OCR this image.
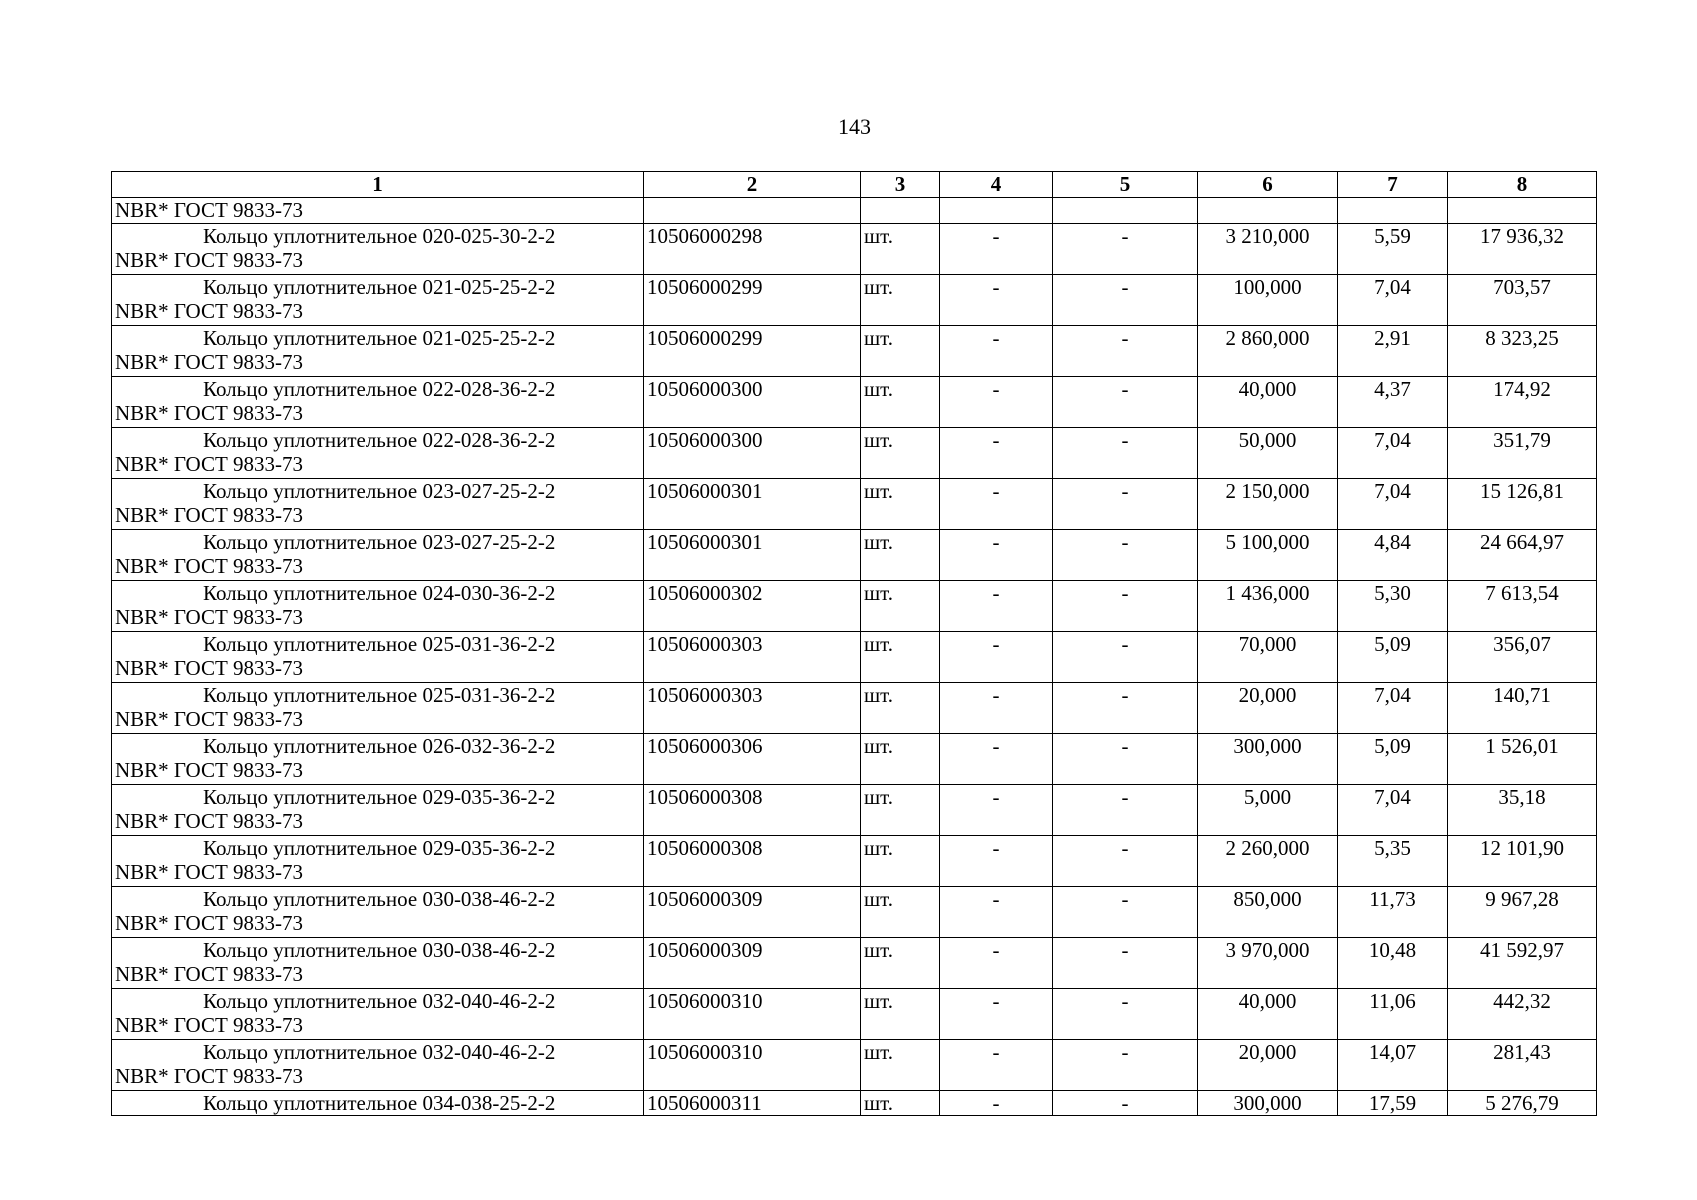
143
1	2	3	4	5	6	7	8
NBR* ГОСТ 9833-73							

Кольцо уплотнительное 020-025-30-2-2
NBR* ГОСТ 9833-73	10506000298	шт.	-	-	3 210,000	5,59	17 936,32

Кольцо уплотнительное 021-025-25-2-2
NBR* ГОСТ 9833-73	10506000299	шт.	-	-	100,000	7,04	703,57

Кольцо уплотнительное 021-025-25-2-2
NBR* ГОСТ 9833-73	10506000299	шт.	-	-	2 860,000	2,91	8 323,25

Кольцо уплотнительное 022-028-36-2-2
NBR* ГОСТ 9833-73	10506000300	шт.	-	-	40,000	4,37	174,92

Кольцо уплотнительное 022-028-36-2-2
NBR* ГОСТ 9833-73	10506000300	шт.	-	-	50,000	7,04	351,79

Кольцо уплотнительное 023-027-25-2-2
NBR* ГОСТ 9833-73	10506000301	шт.	-	-	2 150,000	7,04	15 126,81

Кольцо уплотнительное 023-027-25-2-2
NBR* ГОСТ 9833-73	10506000301	шт.	-	-	5 100,000	4,84	24 664,97

Кольцо уплотнительное 024-030-36-2-2
NBR* ГОСТ 9833-73	10506000302	шт.	-	-	1 436,000	5,30	7 613,54

Кольцо уплотнительное 025-031-36-2-2
NBR* ГОСТ 9833-73	10506000303	шт.	-	-	70,000	5,09	356,07

Кольцо уплотнительное 025-031-36-2-2
NBR* ГОСТ 9833-73	10506000303	шт.	-	-	20,000	7,04	140,71

Кольцо уплотнительное 026-032-36-2-2
NBR* ГОСТ 9833-73	10506000306	шт.	-	-	300,000	5,09	1 526,01

Кольцо уплотнительное 029-035-36-2-2
NBR* ГОСТ 9833-73	10506000308	шт.	-	-	5,000	7,04	35,18

Кольцо уплотнительное 029-035-36-2-2
NBR* ГОСТ 9833-73	10506000308	шт.	-	-	2 260,000	5,35	12 101,90

Кольцо уплотнительное 030-038-46-2-2
NBR* ГОСТ 9833-73	10506000309	шт.	-	-	850,000	11,73	9 967,28

Кольцо уплотнительное 030-038-46-2-2
NBR* ГОСТ 9833-73	10506000309	шт.	-	-	3 970,000	10,48	41 592,97

Кольцо уплотнительное 032-040-46-2-2
NBR* ГОСТ 9833-73	10506000310	шт.	-	-	40,000	11,06	442,32

Кольцо уплотнительное 032-040-46-2-2
NBR* ГОСТ 9833-73	10506000310	шт.	-	-	20,000	14,07	281,43

Кольцо уплотнительное 034-038-25-2-2	10506000311	шт.	-	-	300,000	17,59	5 276,79
